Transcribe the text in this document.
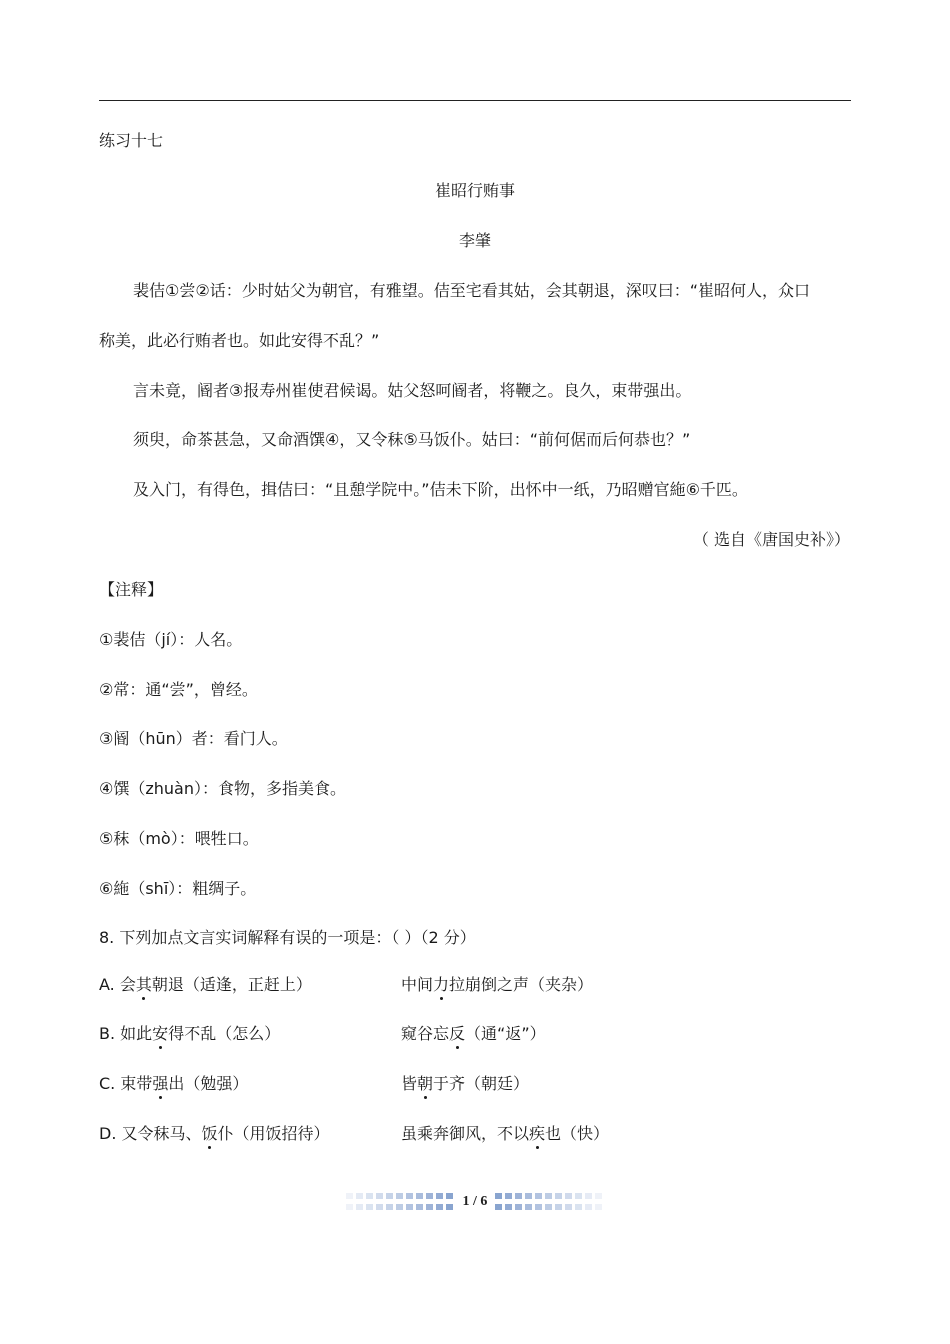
练习十七
崔昭行贿事
李肇
裴佶①尝②话：少时姑父为朝官，有雅望。佶至宅看其姑，会其朝退，深叹曰：“崔昭何人，众口
称美，此必行贿者也。如此安得不乱？”
言未竟，阍者③报寿州崔使君候谒。姑父怒呵阍者，将鞭之。良久，束带强出。
须臾，命茶甚急，又命酒馔④，又令秣⑤马饭仆。姑曰：“前何倨而后何恭也？”
及入门，有得色，揖佶曰：“且憩学院中。”佶未下阶，出怀中一纸，乃昭赠官絁⑥千匹。
（ 选自《唐国史补》）
【注释】
①裴佶（jí）：人名。
②常：通“尝”，曾经。
③阍（hūn）者：看门人。
④馔（zhuàn）：食物，多指美食。
⑤秣（mò）：喂牲口。
⑥絁（shī）：粗绸子。
8. 下列加点文言实词解释有误的一项是：（ ）（2 分）
A. 会其朝退（适逢，正赶上）	中间力拉崩倒之声（夹杂）
B. 如此安得不乱（怎么）	窥谷忘反（通“返”）
C. 束带强出（勉强）	皆朝于齐（朝廷）
D. 又令秣马、饭仆（用饭招待）	虽乘奔御风，不以疾也（快）
1 / 6
